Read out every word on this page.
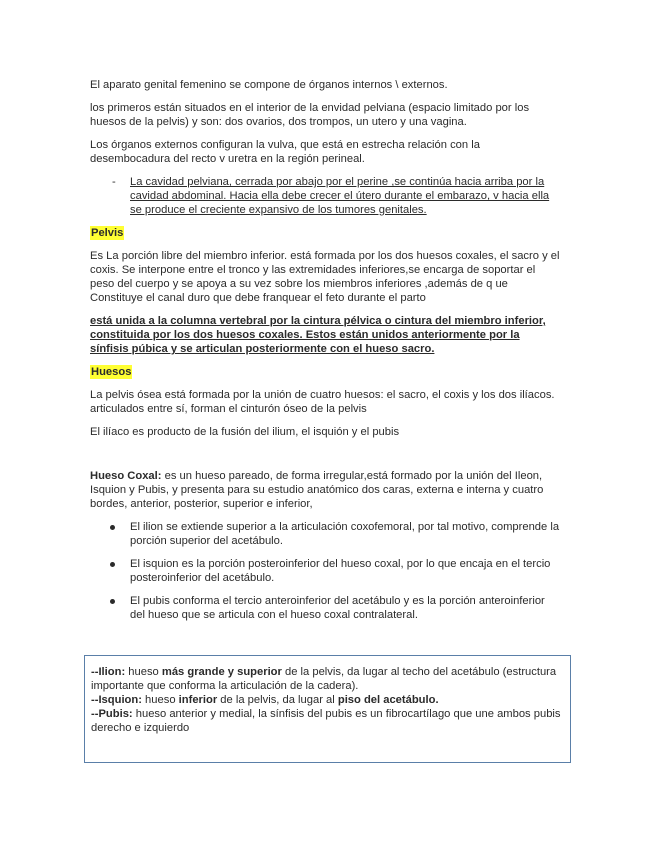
El aparato genital femenino se compone de órganos internos \ externos.

los primeros están situados en el interior de la envidad pelviana (espacio limitado por los huesos de la pelvis) y son: dos ovarios, dos trompos, un utero y una vagina.

Los órganos externos configuran la vulva, que está en estrecha relación con la desembocadura del recto v uretra en la región perineal.

- La cavidad pelviana, cerrada por abajo por el perine ,se continúa hacia arriba por la cavidad abdominal. Hacia ella debe crecer el útero durante el embarazo, v hacia ella se produce el creciente expansivo de los tumores genitales.
Pelvis

Es La porción libre del miembro inferior. está formada por los dos huesos coxales, el sacro y el coxis. Se interpone entre el tronco y las extremidades inferiores,se encarga de soportar el peso del cuerpo y se apoya a su vez sobre los miembros inferiores ,además de q ue Constituye el canal duro que debe franquear el feto durante el parto

está unida a la columna vertebral por la cintura pélvica o cintura del miembro inferior, constituida por los dos huesos coxales. Estos están unidos anteriormente por la sínfisis púbica y se articulan posteriormente con el hueso sacro.

Huesos

La pelvis ósea está formada por la unión de cuatro huesos: el sacro, el coxis y los dos ilíacos. articulados entre sí, forman el cinturón óseo de la pelvis

El ilíaco es producto de la fusión del ilium, el isquión y el pubis

Hueso Coxal: es un hueso pareado, de forma irregular,está formado por la unión del Ileon, Isquion y Pubis, y presenta para su estudio anatómico dos caras, externa e interna y cuatro bordes, anterior, posterior, superior e inferior,

El ilion se extiende superior a la articulación coxofemoral, por tal motivo, comprende la porción superior del acetábulo.
El isquion es la porción posteroinferior del hueso coxal, por lo que encaja en el tercio posteroinferior del acetábulo.
El pubis conforma el tercio anteroinferior del acetábulo y es la porción anteroinferior del hueso que se articula con el hueso coxal contralateral.

--Ilion: hueso más grande y superior de la pelvis, da lugar al techo del acetábulo (estructura importante que conforma la articulación de la cadera).

--Isquion: hueso inferior de la pelvis, da lugar al piso del acetábulo.

--Pubis: hueso anterior y medial, la sínfisis del pubis es un fibrocartílago que une ambos pubis derecho e izquierdo
